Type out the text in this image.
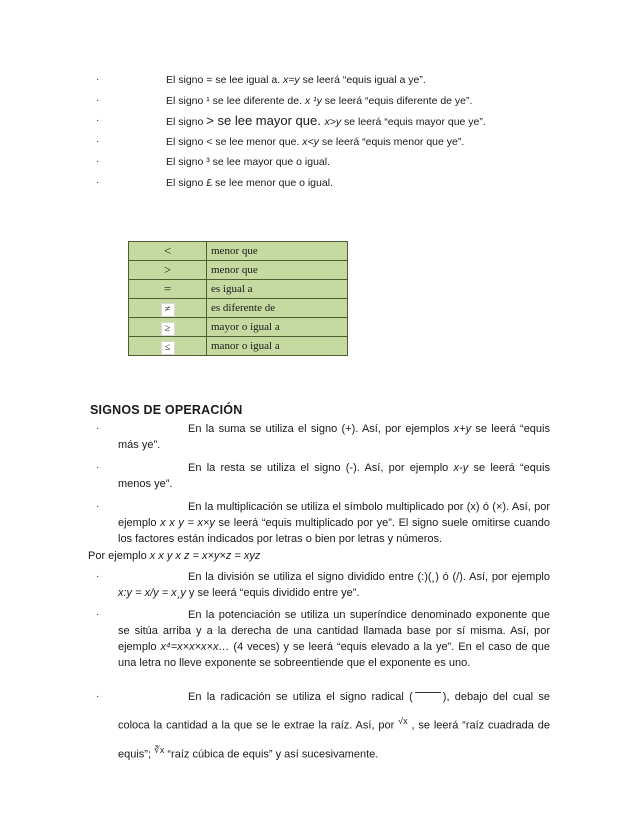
·	El signo = se lee igual a. x=y se leerá “equis igual a ye”.
·	El signo ¹ se lee diferente de. x ¹y se leerá “equis diferente de ye”.
·	El signo > se lee mayor que. x>y se leerá “equis mayor que ye”.
·	El signo < se lee menor que. x<y se leerá “equis menor que ye”.
·	El signo ³ se lee mayor que o igual.
·	El signo £ se lee menor que o igual.
<	menor que
>	menor que
=	es igual a
≠	es diferente de
≥	mayor o igual a
≤	manor o igual a
SIGNOS DE OPERACIÓN
·	En la suma se utiliza el signo (+). Así, por ejemplos x+y se leerá “equis más ye”.
·	En la resta se utiliza el signo (-). Así, por ejemplo x-y se leerá “equis menos ye”.
·	En la multiplicación se utiliza el símbolo multiplicado por (x) ó (×). Así, por ejemplo x x y = x×y se leerá “equis multiplicado por ye”. El signo suele omitirse cuando los factores están indicados por letras o bien por letras y números.
·	En la división se utiliza el signo dividido entre (:)(¸) ó (/). Así, por ejemplo x:y = x/y = x¸y y se leerá “equis dividido entre ye”.
·	En la potenciación se utiliza un superíndice denominado exponente que se sitúa arriba y a la derecha de una cantidad llamada base por sí misma. Así, por ejemplo x⁴=x×x×x×x… (4 veces) y se leerá “equis elevado a la ye”. En el caso de que una letra no lleve exponente se sobreentiende que el exponente es uno.
·	En la radicación se utiliza el signo radical (	), debajo del cual se coloca la cantidad a la que se le extrae la raíz. Así, por $^{√x}$ , se leerá “raíz cuadrada de equis”; $^{∛x}$ “raíz cúbica de equis” y así sucesivamente.
Por ejemplo x x y x z = x×y×z = xyz
